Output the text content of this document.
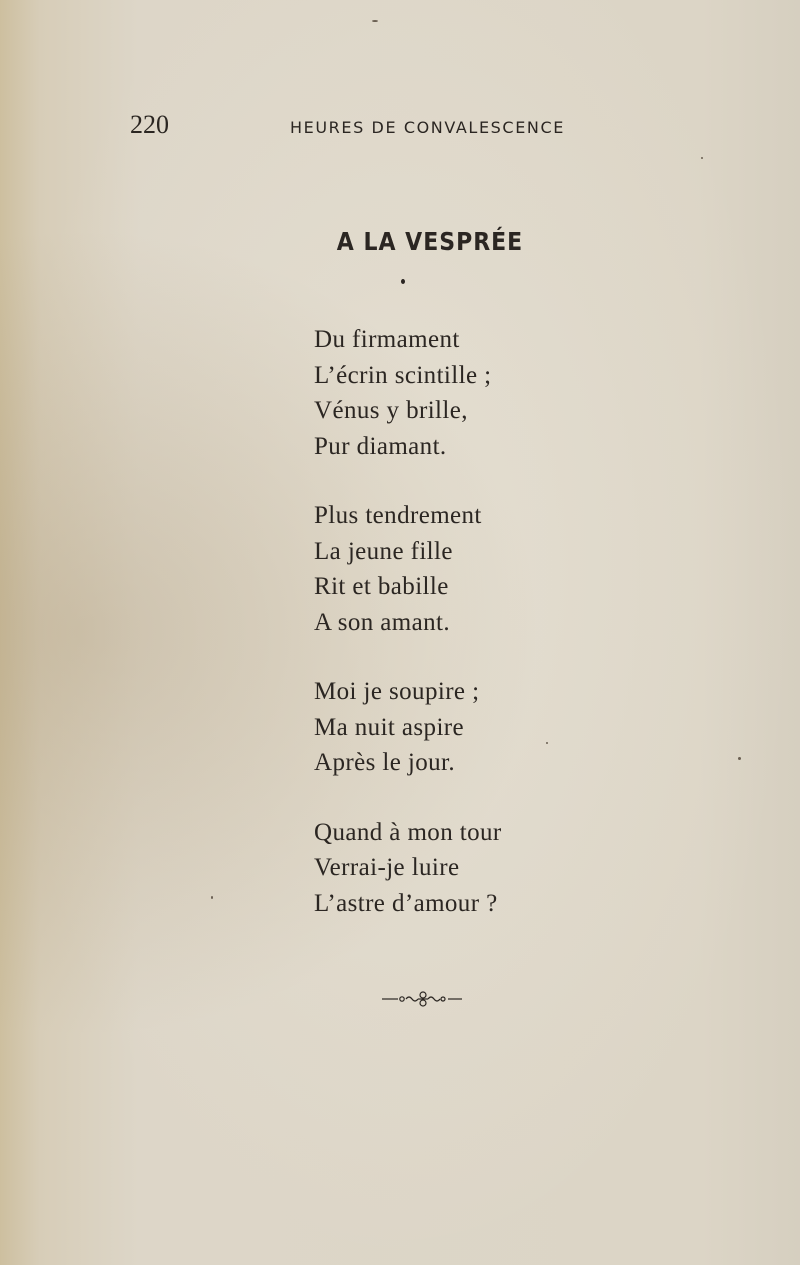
220	HEURES DE CONVALESCENCE
A LA VESPRÉE
Du firmament
L’écrin scintille ;
Vénus y brille,
Pur diamant.
Plus tendrement
La jeune fille
Rit et babille
A son amant.
Moi je soupire ;
Ma nuit aspire
Après le jour.
Quand à mon tour
Verrai-je luire
L’astre d’amour ?
